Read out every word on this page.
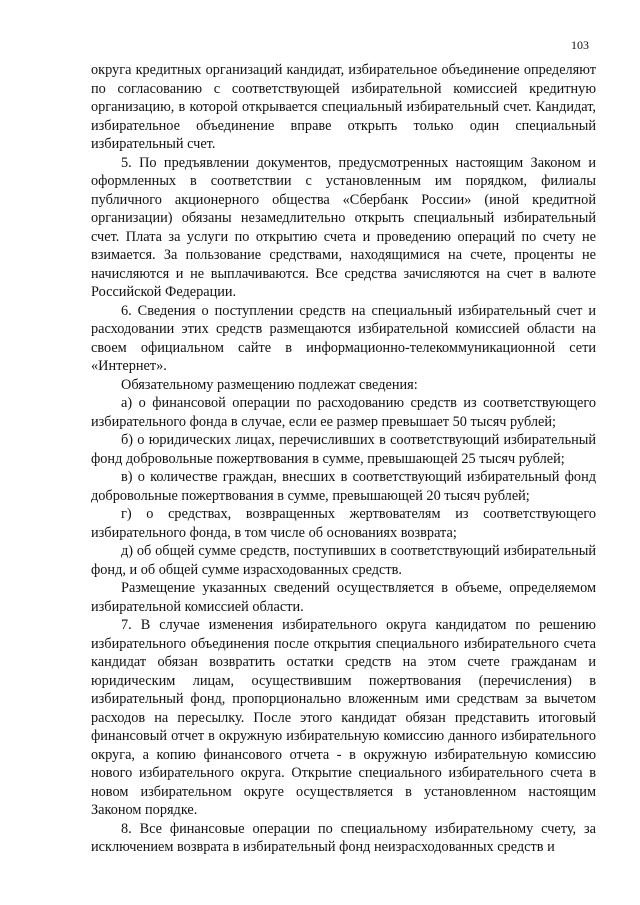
103

округа кредитных организаций кандидат, избирательное объединение определяют по согласованию с соответствующей избирательной комиссией кредитную организацию, в которой открывается специальный избирательный счет. Кандидат, избирательное объединение вправе открыть только один специальный избирательный счет.

5. По предъявлении документов, предусмотренных настоящим Законом и оформленных в соответствии с установленным им порядком, филиалы публичного акционерного общества «Сбербанк России» (иной кредитной организации) обязаны незамедлительно открыть специальный избирательный счет. Плата за услуги по открытию счета и проведению операций по счету не взимается. За пользование средствами, находящимися на счете, проценты не начисляются и не выплачиваются. Все средства зачисляются на счет в валюте Российской Федерации.

6. Сведения о поступлении средств на специальный избирательный счет и расходовании этих средств размещаются избирательной комиссией области на своем официальном сайте в информационно-телекоммуникационной сети «Интернет».

Обязательному размещению подлежат сведения:

а) о финансовой операции по расходованию средств из соответствующего избирательного фонда в случае, если ее размер превышает 50 тысяч рублей;

б) о юридических лицах, перечисливших в соответствующий избирательный фонд добровольные пожертвования в сумме, превышающей 25 тысяч рублей;

в) о количестве граждан, внесших в соответствующий избирательный фонд добровольные пожертвования в сумме, превышающей 20 тысяч рублей;

г) о средствах, возвращенных жертвователям из соответствующего избирательного фонда, в том числе об основаниях возврата;

д) об общей сумме средств, поступивших в соответствующий избирательный фонд, и об общей сумме израсходованных средств.

Размещение указанных сведений осуществляется в объеме, определяемом избирательной комиссией области.

7. В случае изменения избирательного округа кандидатом по решению избирательного объединения после открытия специального избирательного счета кандидат обязан возвратить остатки средств на этом счете гражданам и юридическим лицам, осуществившим пожертвования (перечисления) в избирательный фонд, пропорционально вложенным ими средствам за вычетом расходов на пересылку. После этого кандидат обязан представить итоговый финансовый отчет в окружную избирательную комиссию данного избирательного округа, а копию финансового отчета - в окружную избирательную комиссию нового избирательного округа. Открытие специального избирательного счета в новом избирательном округе осуществляется в установленном настоящим Законом порядке.

8. Все финансовые операции по специальному избирательному счету, за исключением возврата в избирательный фонд неизрасходованных средств и
